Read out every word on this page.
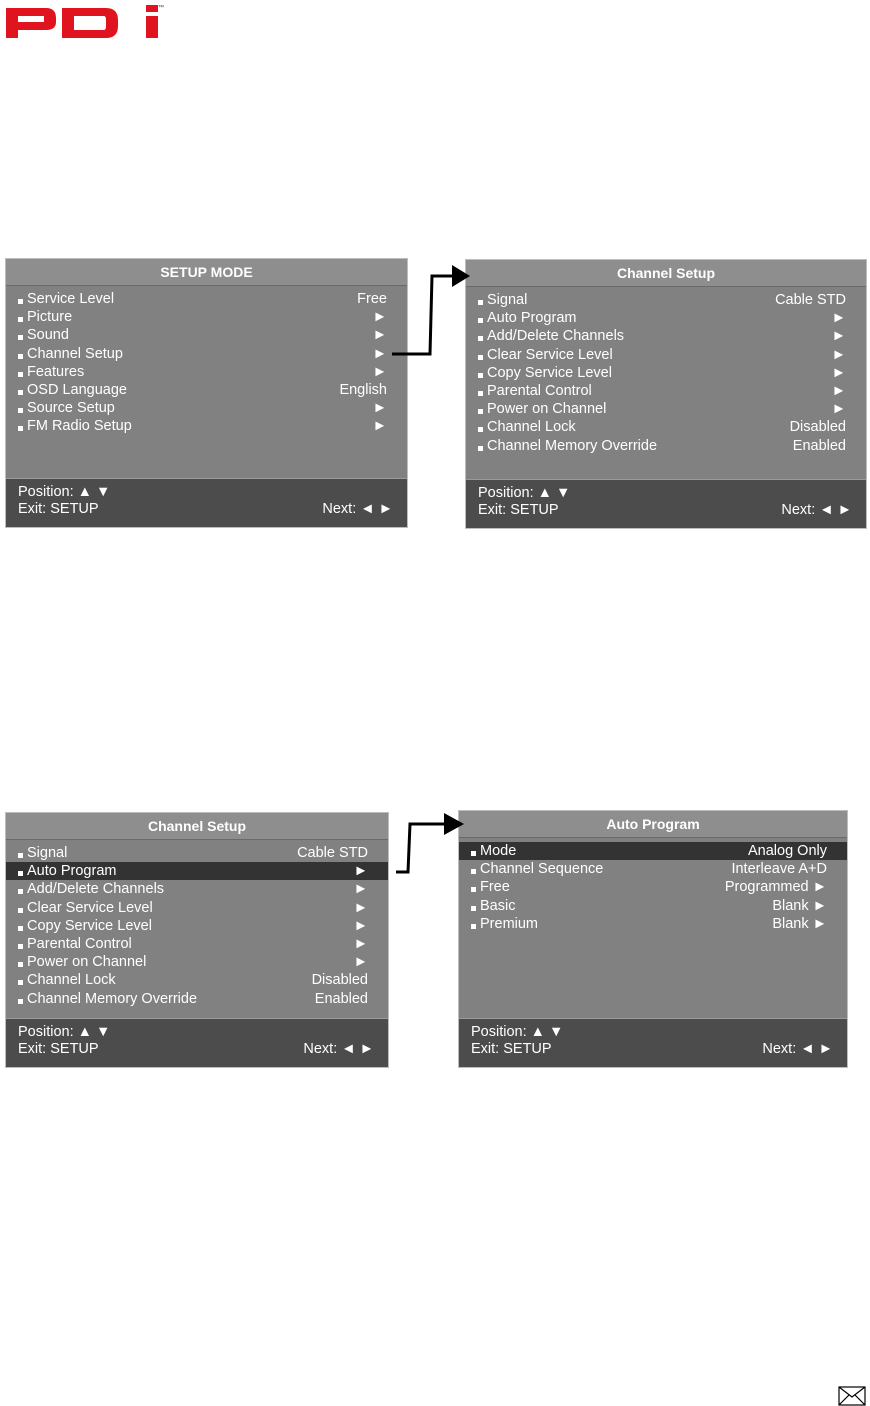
™
SETUP MODE
Service Level	Free
Picture	►
Sound	►
Channel Setup	►
Features	►
OSD Language	English
Source Setup	►
FM Radio Setup	►
Position: ▲ ▼
Exit: SETUP	Next: ◄ ►
Channel Setup
Signal	Cable STD
Auto Program	►
Add/Delete Channels	►
Clear Service Level	►
Copy Service Level	►
Parental Control	►
Power on Channel	►
Channel Lock	Disabled
Channel Memory Override	Enabled
Position: ▲ ▼
Exit: SETUP	Next: ◄ ►
Channel Setup
Signal	Cable STD
Auto Program	►
Add/Delete Channels	►
Clear Service Level	►
Copy Service Level	►
Parental Control	►
Power on Channel	►
Channel Lock	Disabled
Channel Memory Override	Enabled
Position: ▲ ▼
Exit: SETUP	Next: ◄ ►
Auto Program
Mode	Analog Only
Channel Sequence	Interleave A+D
Free	Programmed ►
Basic	Blank ►
Premium	Blank ►
Position: ▲ ▼
Exit: SETUP	Next: ◄ ►
